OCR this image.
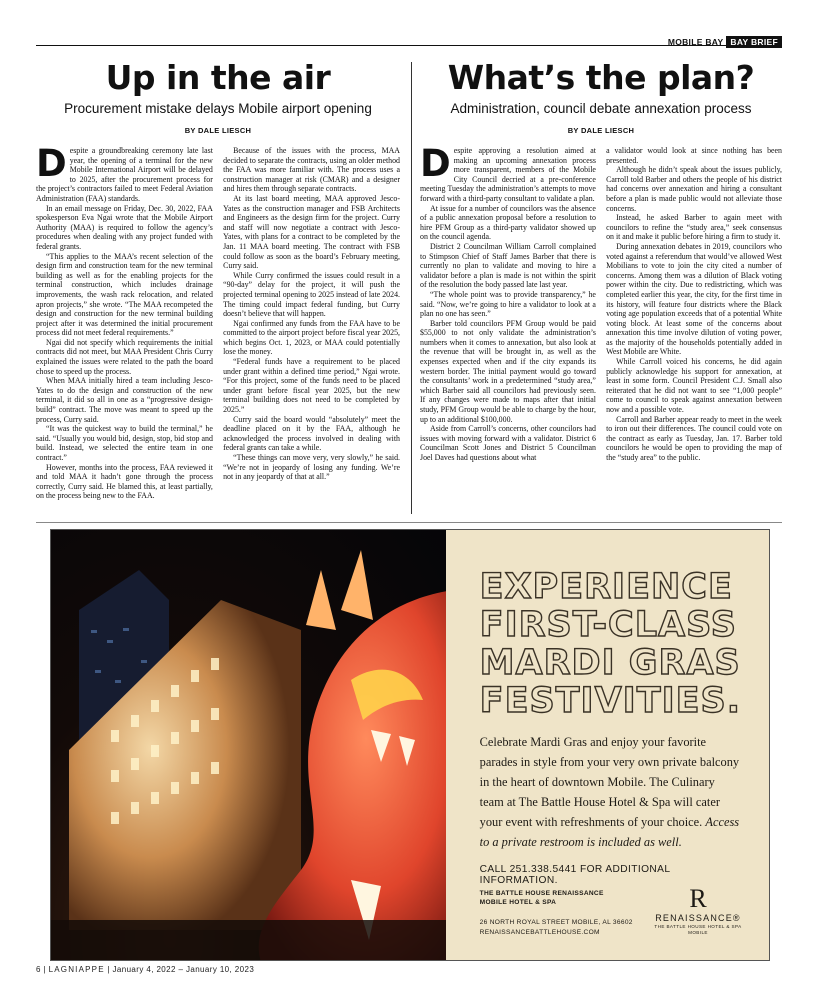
MOBILE BAY BAY BRIEF
Up in the air
Procurement mistake delays Mobile airport opening
BY DALE LIESCH

Despite a groundbreaking ceremony late last year, the opening of a terminal for the new Mobile International Airport will be delayed to 2025, after the procurement process for the project’s contractors failed to meet Federal Aviation Administration (FAA) standards.

In an email message on Friday, Dec. 30, 2022, FAA spokesperson Eva Ngai wrote that the Mobile Airport Authority (MAA) is required to follow the agency’s procedures when dealing with any project funded with federal grants.

“This applies to the MAA’s recent selection of the design firm and construction team for the new terminal building as well as for the enabling projects for the terminal construction, which includes drainage improvements, the wash rack relocation, and related apron projects,” she wrote. “The MAA recompeted the design and construction for the new terminal building project after it was determined the initial procurement process did not meet federal requirements.”

Ngai did not specify which requirements the initial contracts did not meet, but MAA President Chris Curry explained the issues were related to the path the board chose to speed up the process.

When MAA initially hired a team including Jesco-Yates to do the design and construction of the new terminal, it did so all in one as a “progressive design-build” contract. The move was meant to speed up the process, Curry said.

“It was the quickest way to build the terminal,” he said. “Usually you would bid, design, stop, bid stop and build. Instead, we selected the entire team in one contract.”

However, months into the process, FAA reviewed it and told MAA it hadn’t gone through the process correctly, Curry said. He blamed this, at least partially, on the process being new to the FAA.

Because of the issues with the process, MAA decided to separate the contracts, using an older method the FAA was more familiar with. The process uses a construction manager at risk (CMAR) and a designer and hires them through separate contracts.

At its last board meeting, MAA approved Jesco-Yates as the construction manager and FSB Architects and Engineers as the design firm for the project. Curry and staff will now negotiate a contract with Jesco-Yates, with plans for a contract to be completed by the Jan. 11 MAA board meeting. The contract with FSB could follow as soon as the board’s February meeting, Curry said.

While Curry confirmed the issues could result in a “90-day” delay for the project, it will push the projected terminal opening to 2025 instead of late 2024. The timing could impact federal funding, but Curry doesn’t believe that will happen.

Ngai confirmed any funds from the FAA have to be committed to the airport project before fiscal year 2025, which begins Oct. 1, 2023, or MAA could potentially lose the money.

“Federal funds have a requirement to be placed under grant within a defined time period,” Ngai wrote. “For this project, some of the funds need to be placed under grant before fiscal year 2025, but the new terminal building does not need to be completed by 2025.”

Curry said the board would “absolutely” meet the deadline placed on it by the FAA, although he acknowledged the process involved in dealing with federal grants can take a while.

“These things can move very, very slowly,” he said. “We’re not in jeopardy of losing any funding. We’re not in any jeopardy of that at all.”

What’s the plan?
Administration, council debate annexation process
BY DALE LIESCH

Despite approving a resolution aimed at making an upcoming annexation process more transparent, members of the Mobile City Council decried at a pre-conference meeting Tuesday the administration’s attempts to move forward with a third-party consultant to validate a plan.

At issue for a number of councilors was the absence of a public annexation proposal before a resolution to hire PFM Group as a third-party validator showed up on the council agenda.

District 2 Councilman William Carroll complained to Stimpson Chief of Staff James Barber that there is currently no plan to validate and moving to hire a validator before a plan is made is not within the spirit of the resolution the body passed late last year.

“The whole point was to provide transparency,” he said. “Now, we’re going to hire a validator to look at a plan no one has seen.”

Barber told councilors PFM Group would be paid $55,000 to not only validate the administration’s numbers when it comes to annexation, but also look at the revenue that will be brought in, as well as the expenses expected when and if the city expands its western border. The initial payment would go toward the consultants’ work in a predetermined “study area,” which Barber said all councilors had previously seen. If any changes were made to maps after that initial study, PFM Group would be able to charge by the hour, up to an additional $100,000.

Aside from Carroll’s concerns, other councilors had issues with moving forward with a validator. District 6 Councilman Scott Jones and District 5 Councilman Joel Daves had questions about what

a validator would look at since nothing has been presented.

Although he didn’t speak about the issues publicly, Carroll told Barber and others the people of his district had concerns over annexation and hiring a consultant before a plan is made public would not alleviate those concerns.

Instead, he asked Barber to again meet with councilors to refine the “study area,” seek consensus on it and make it public before hiring a firm to study it.

During annexation debates in 2019, councilors who voted against a referendum that would’ve allowed West Mobilians to vote to join the city cited a number of concerns. Among them was a dilution of Black voting power within the city. Due to redistricting, which was completed earlier this year, the city, for the first time in its history, will feature four districts where the Black voting age population exceeds that of a potential White voting block. At least some of the concerns about annexation this time involve dilution of voting power, as the majority of the households potentially added in West Mobile are White.

While Carroll voiced his concerns, he did again publicly acknowledge his support for annexation, at least in some form. Council President C.J. Small also reiterated that he did not want to see “1,000 people” come to council to speak against annexation between now and a possible vote.

Carroll and Barber appear ready to meet in the week to iron out their differences. The council could vote on the contract as early as Tuesday, Jan. 17. Barber told councilors he would be open to providing the map of the “study area” to the public.

EXPERIENCE
FIRST-CLASS
MARDI GRAS
FESTIVITIES.

Celebrate Mardi Gras and enjoy your favorite parades in style from your very own private balcony in the heart of downtown Mobile. The Culinary team at The Battle House Hotel & Spa will cater your event with refreshments of your choice. Access to a private restroom is included as well.

CALL 251.338.5441 FOR ADDITIONAL INFORMATION.
THE BATTLE HOUSE RENAISSANCE
MOBILE HOTEL & SPA
26 NORTH ROYAL STREET MOBILE, AL 36602
RENAISSANCEBATTLEHOUSE.COM
R
RENAISSANCE®
THE BATTLE HOUSE HOTEL & SPA
MOBILE
6 | LAGNIAPPE | January 4, 2022 – January 10, 2023
